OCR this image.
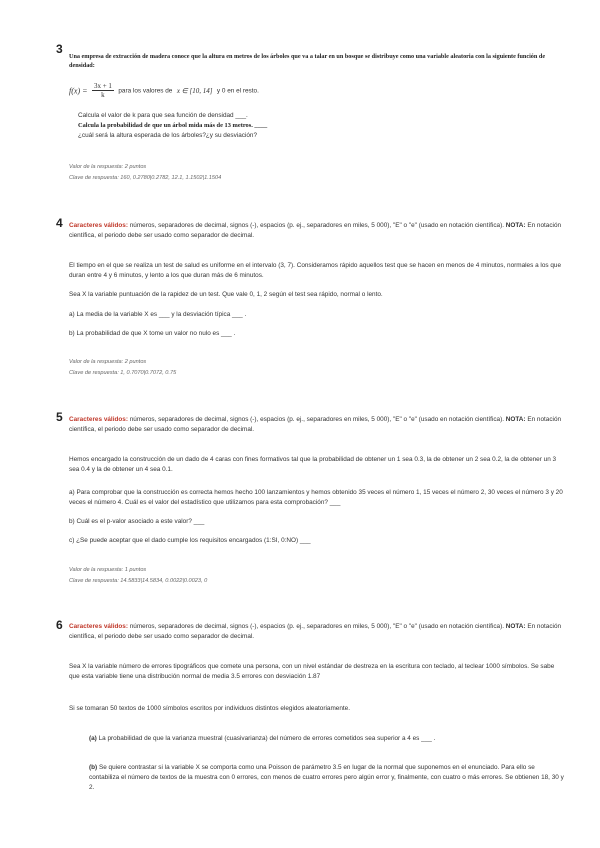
3
Una empresa de extracción de madera conoce que la altura en metros de los árboles que va a talar en un bosque se distribuye como una variable aleatoria con la siguiente función de densidad:
$f(x) = \frac{3x + 1}{k}$ para los valores de x ∈ [10, 14] y 0 en el resto.
Calcula el valor de k para que sea función de densidad ___.
Calcula la probabilidad de que un árbol mida más de 13 metros. ____
¿cuál será la altura esperada de los árboles?¿y su desviación?
Valor de la respuesta: 2 puntos
Clave de respuesta: 160, 0.2780|0.2782, 12.1, 1.1502|1.1504
4 Caracteres válidos: números, separadores de decimal, signos (-), espacios (p. ej., separadores en miles, 5 000), "E" o "e" (usado en notación científica). NOTA: En notación científica, el periodo debe ser usado como separador de decimal.
El tiempo en el que se realiza un test de salud es uniforme en el intervalo (3, 7). Consideramos rápido aquellos test que se hacen en menos de 4 minutos, normales a los que duran entre 4 y 6 minutos, y lento a los que duran más de 6 minutos.
Sea X la variable puntuación de la rapidez de un test. Que vale 0, 1, 2 según el test sea rápido, normal o lento.
a) La media de la variable X es ___ y la desviación típica ___ .
b) La probabilidad de que X tome un valor no nulo es ___ .
Valor de la respuesta: 2 puntos
Clave de respuesta: 1, 0.7070|0.7072, 0.75
5 Caracteres válidos: números, separadores de decimal, signos (-), espacios (p. ej., separadores en miles, 5 000), "E" o "e" (usado en notación científica). NOTA: En notación científica, el periodo debe ser usado como separador de decimal.
Hemos encargado la construcción de un dado de 4 caras con fines formativos tal que la probabilidad de obtener un 1 sea 0.3, la de obtener un 2 sea 0.2, la de obtener un 3 sea 0.4 y la de obtener un 4 sea 0.1.
a) Para comprobar que la construcción es correcta hemos hecho 100 lanzamientos y hemos obtenido 35 veces el número 1, 15 veces el número 2, 30 veces el número 3 y 20 veces el número 4. Cuál es el valor del estadístico que utilizamos para esta comprobación? ___
b) Cuál es el p-valor asociado a este valor? ___
c) ¿Se puede aceptar que el dado cumple los requisitos encargados (1:SI, 0:NO) ___
Valor de la respuesta: 1 puntos
Clave de respuesta: 14.5833|14.5834, 0.0022|0.0023, 0
6 Caracteres válidos: números, separadores de decimal, signos (-), espacios (p. ej., separadores en miles, 5 000), "E" o "e" (usado en notación científica). NOTA: En notación científica, el periodo debe ser usado como separador de decimal.
Sea X la variable número de errores tipográficos que comete una persona, con un nivel estándar de destreza en la escritura con teclado, al teclear 1000 símbolos. Se sabe que esta variable tiene una distribución normal de media 3.5 errores con desviación 1.87
Si se tomaran 50 textos de 1000 símbolos escritos por individuos distintos elegidos aleatoriamente.
(a) La probabilidad de que la varianza muestral (cuasivarianza) del número de errores cometidos sea superior a 4 es ___ .
(b) Se quiere contrastar si la variable X se comporta como una Poisson de parámetro 3.5 en lugar de la normal que suponemos en el enunciado. Para ello se contabiliza el número de textos de la muestra con 0 errores, con menos de cuatro errores pero algún error y, finalmente, con cuatro o más errores. Se obtienen 18, 30 y 2.
